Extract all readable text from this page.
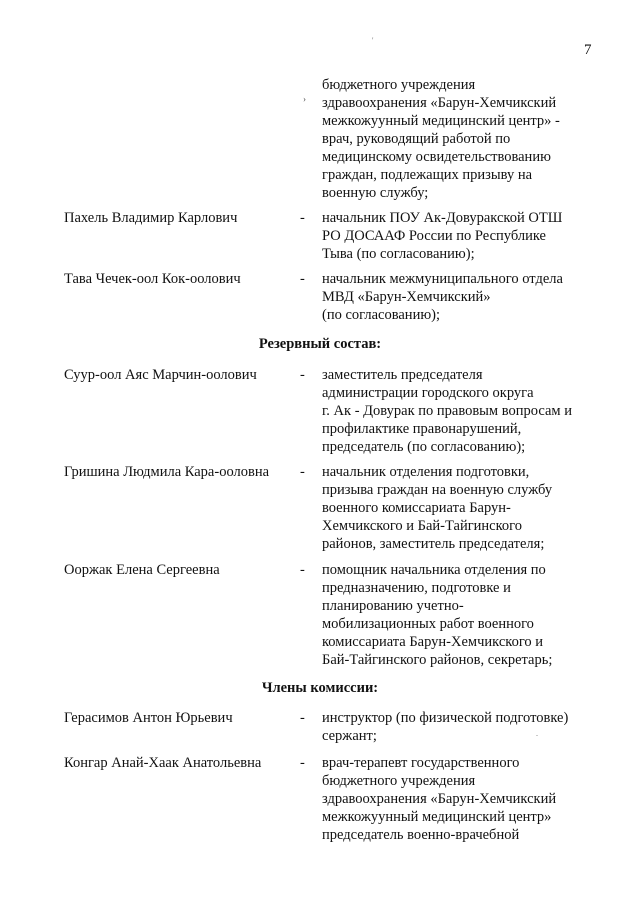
7
'
.
›
бюджетного учреждения
здравоохранения «Барун-Хемчикский
межкожуунный медицинский центр» -
врач, руководящий работой по
медицинскому освидетельствованию
граждан, подлежащих призыву на
военную службу;
Пахель Владимир Карлович	- начальник ПОУ Ак-Довуракской ОТШ
РО ДОСААФ России по Республике
Тыва (по согласованию);
Тава Чечек-оол Кок-оолович	- начальник межмуниципального отдела
МВД «Барун-Хемчикский»
(по согласованию);
Резервный состав:
Суур-оол Аяс Марчин-оолович	- заместитель председателя
администрации городского округа
г. Ак - Довурак по правовым вопросам и
профилактике правонарушений,
председатель (по согласованию);
Гришина Людмила Кара-ооловна	- начальник отделения подготовки,
призыва граждан на военную службу
военного комиссариата Барун-
Хемчикского и Бай-Тайгинского
районов, заместитель председателя;
Ооржак Елена Сергеевна	- помощник начальника отделения по
предназначению, подготовке и
планированию учетно-
мобилизационных работ военного
комиссариата Барун-Хемчикского и
Бай-Тайгинского районов, секретарь;
Члены комиссии:
Герасимов Антон Юрьевич	- инструктор (по физической подготовке)
сержант;
Конгар Анай-Хаак Анатольевна	- врач-терапевт государственного
бюджетного учреждения
здравоохранения «Барун-Хемчикский
межкожуунный медицинский центр»
председатель военно-врачебной
